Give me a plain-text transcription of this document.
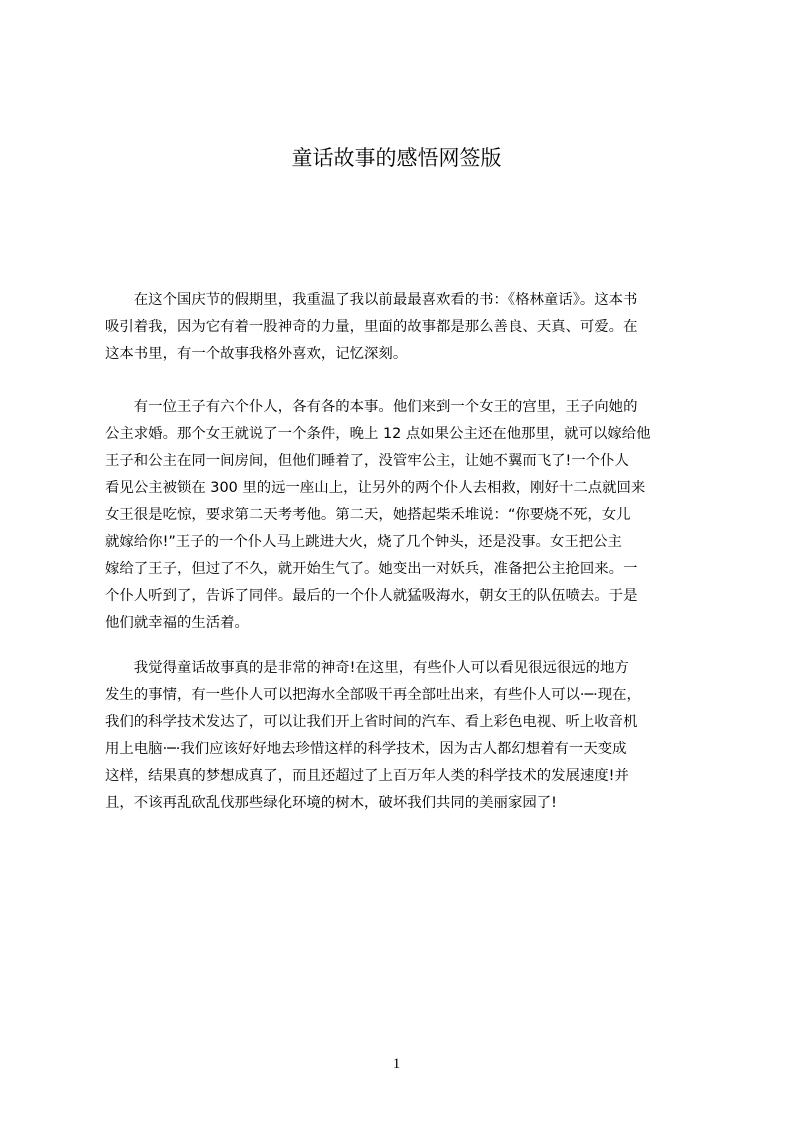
童话故事的感悟网签版
　　在这个国庆节的假期里，我重温了我以前最最喜欢看的书：《格林童话》。这本书
吸引着我，因为它有着一股神奇的力量，里面的故事都是那么善良、天真、可爱。在
这本书里，有一个故事我格外喜欢，记忆深刻。
　　有一位王子有六个仆人，各有各的本事。他们来到一个女王的宫里，王子向她的
公主求婚。那个女王就说了一个条件，晚上 12 点如果公主还在他那里，就可以嫁给他
王子和公主在同一间房间，但他们睡着了，没管牢公主，让她不翼而飞了!一个仆人
看见公主被锁在 300 里的远一座山上，让另外的两个仆人去相救，刚好十二点就回来
女王很是吃惊，要求第二天考考他。第二天，她搭起柴禾堆说：“你要烧不死，女儿
就嫁给你!”王子的一个仆人马上跳进大火，烧了几个钟头，还是没事。女王把公主
嫁给了王子，但过了不久，就开始生气了。她变出一对妖兵，准备把公主抢回来。一
个仆人听到了，告诉了同伴。最后的一个仆人就猛吸海水，朝女王的队伍喷去。于是
他们就幸福的生活着。
　　我觉得童话故事真的是非常的神奇!在这里，有些仆人可以看见很远很远的地方
发生的事情，有一些仆人可以把海水全部吸干再全部吐出来，有些仆人可以·─·现在，
我们的科学技术发达了，可以让我们开上省时间的汽车、看上彩色电视、听上收音机
用上电脑·─·我们应该好好地去珍惜这样的科学技术，因为古人都幻想着有一天变成
这样，结果真的梦想成真了，而且还超过了上百万年人类的科学技术的发展速度!并
且，不该再乱砍乱伐那些绿化环境的树木，破坏我们共同的美丽家园了!
1
